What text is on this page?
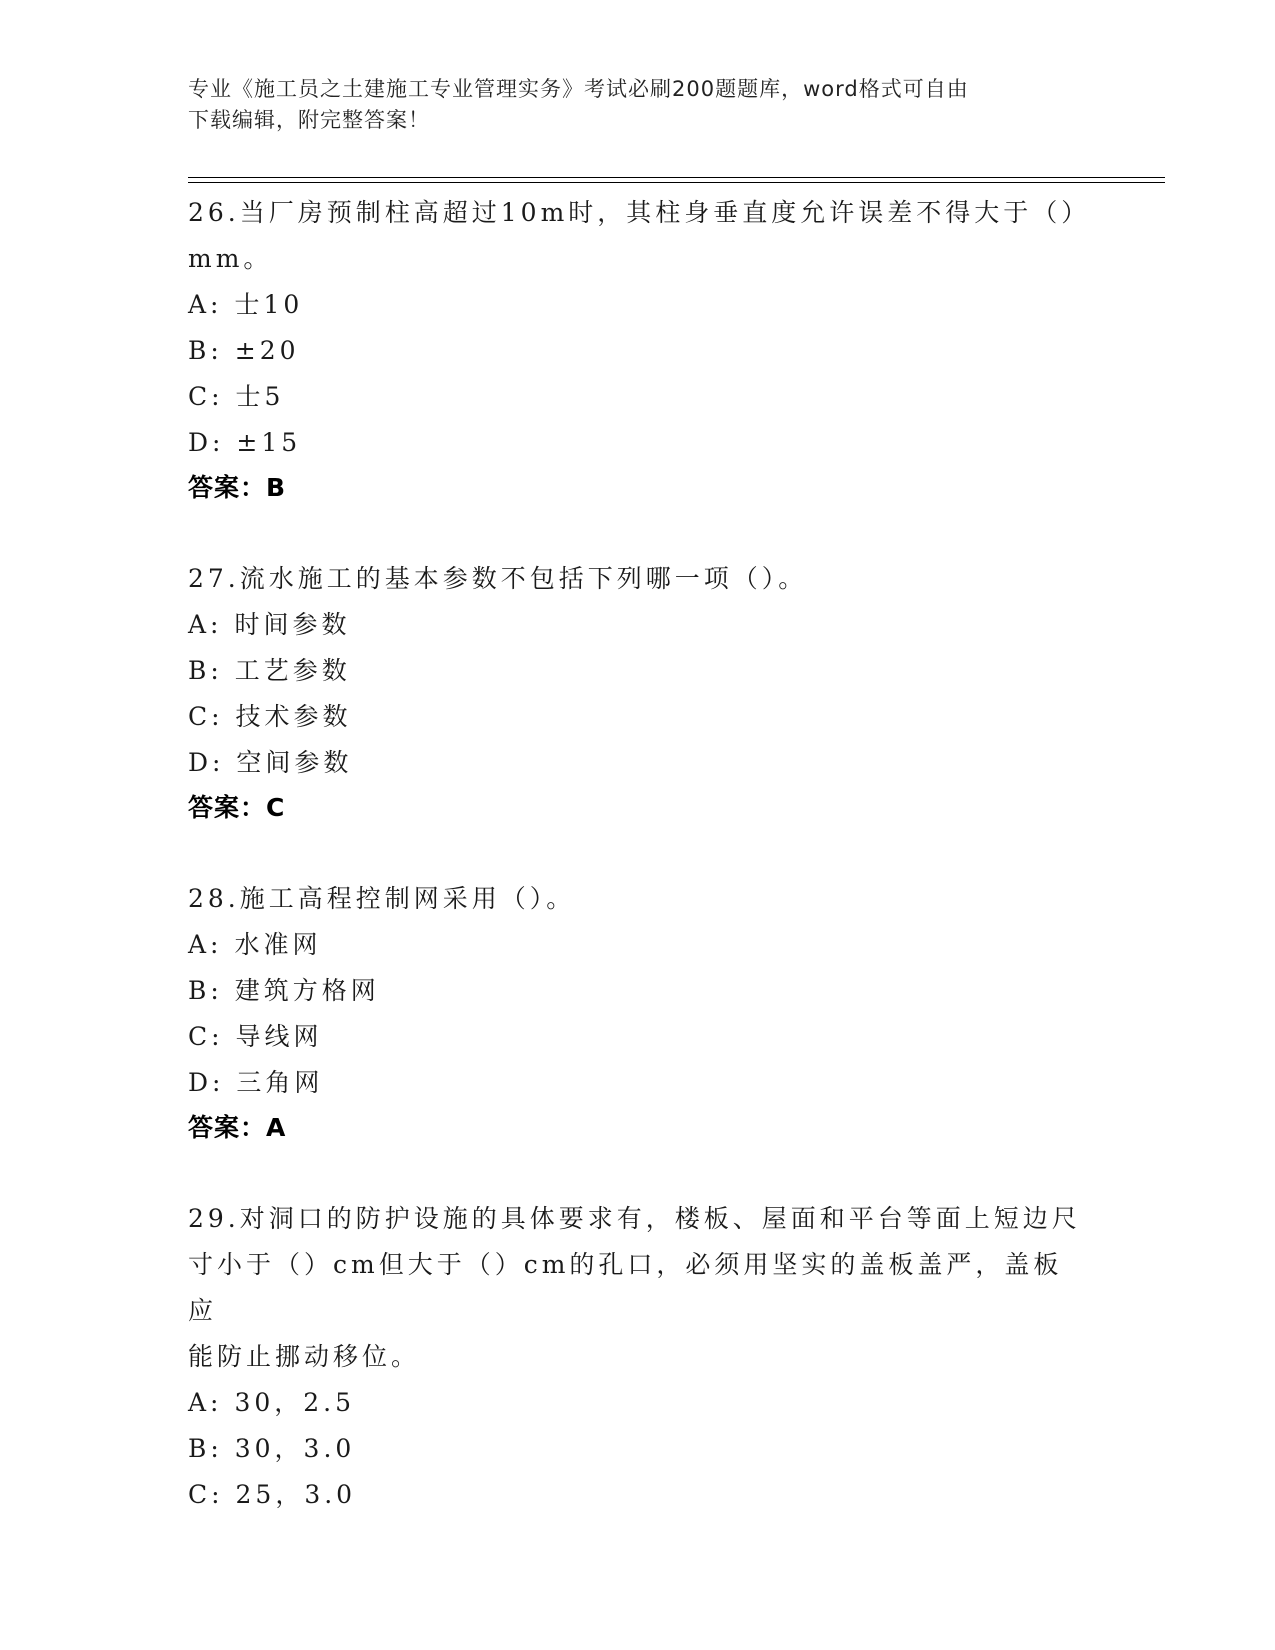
专业《施工员之土建施工专业管理实务》考试必刷200题题库，word格式可自由
下载编辑，附完整答案！
26.当厂房预制柱高超过10m时，其柱身垂直度允许误差不得大于（）
mm。
A: 士10
B: ±20
C: 士5
D: ±15
答案：B
27.流水施工的基本参数不包括下列哪一项（）。
A: 时间参数
B: 工艺参数
C: 技术参数
D: 空间参数
答案：C
28.施工高程控制网采用（）。
A: 水准网
B: 建筑方格网
C: 导线网
D: 三角网
答案：A
29.对洞口的防护设施的具体要求有，楼板、屋面和平台等面上短边尺
寸小于（）cm但大于（）cm的孔口，必须用坚实的盖板盖严，盖板应
能防止挪动移位。
A: 30，2.5
B: 30，3.0
C: 25，3.0
